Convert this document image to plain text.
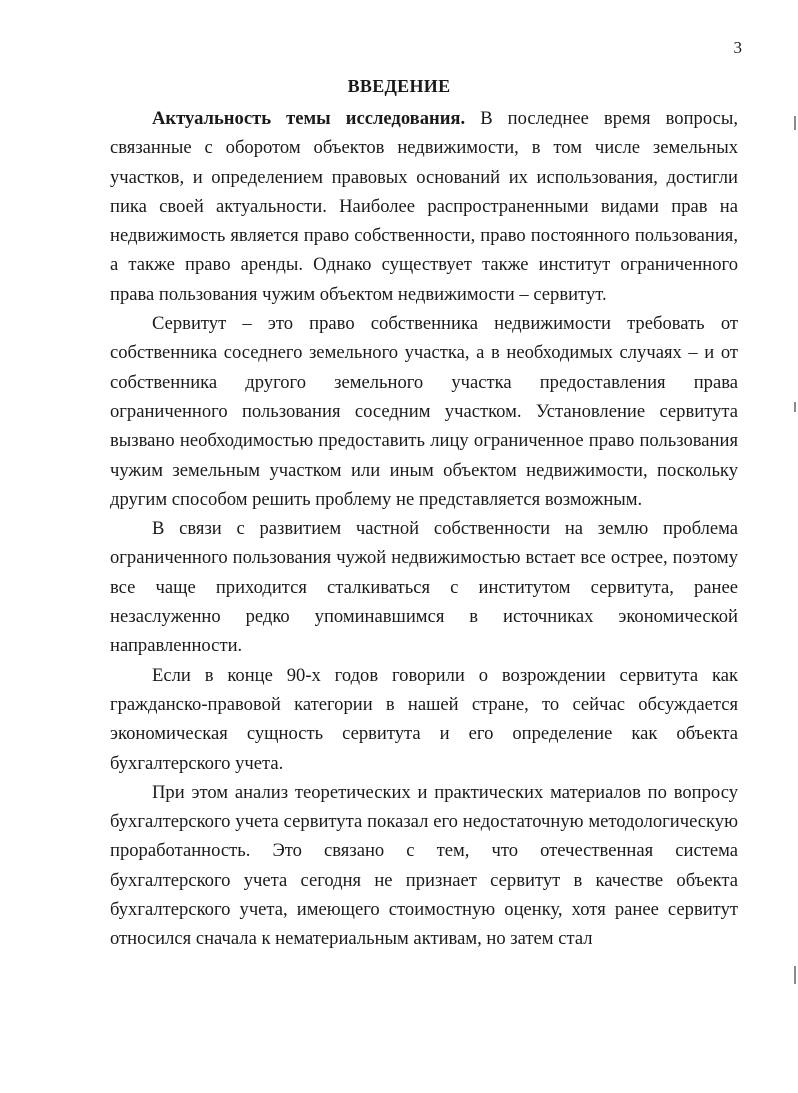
3
ВВЕДЕНИЕ

Актуальность темы исследования. В последнее время вопросы, связанные с оборотом объектов недвижимости, в том числе земельных участков, и определением правовых оснований их использования, достигли пика своей актуальности. Наиболее распространенными видами прав на недвижимость является право собственности, право постоянного пользования, а также право аренды. Однако существует также институт ограниченного права пользования чужим объектом недвижимости – сервитут.

Сервитут – это право собственника недвижимости требовать от собственника соседнего земельного участка, а в необходимых случаях – и от собственника другого земельного участка предоставления права ограниченного пользования соседним участком. Установление сервитута вызвано необходимостью предоставить лицу ограниченное право пользования чужим земельным участком или иным объектом недвижимости, поскольку другим способом решить проблему не представляется возможным.

В связи с развитием частной собственности на землю проблема ограниченного пользования чужой недвижимостью встает все острее, поэтому все чаще приходится сталкиваться с институтом сервитута, ранее незаслуженно редко упоминавшимся в источниках экономической направленности.

Если в конце 90-х годов говорили о возрождении сервитута как гражданско-правовой категории в нашей стране, то сейчас обсуждается экономическая сущность сервитута и его определение как объекта бухгалтерского учета.

При этом анализ теоретических и практических материалов по вопросу бухгалтерского учета сервитута показал его недостаточную методологическую проработанность. Это связано с тем, что отечественная система бухгалтерского учета сегодня не признает сервитут в качестве объекта бухгалтерского учета, имеющего стоимостную оценку, хотя ранее сервитут относился сначала к нематериальным активам, но затем стал
